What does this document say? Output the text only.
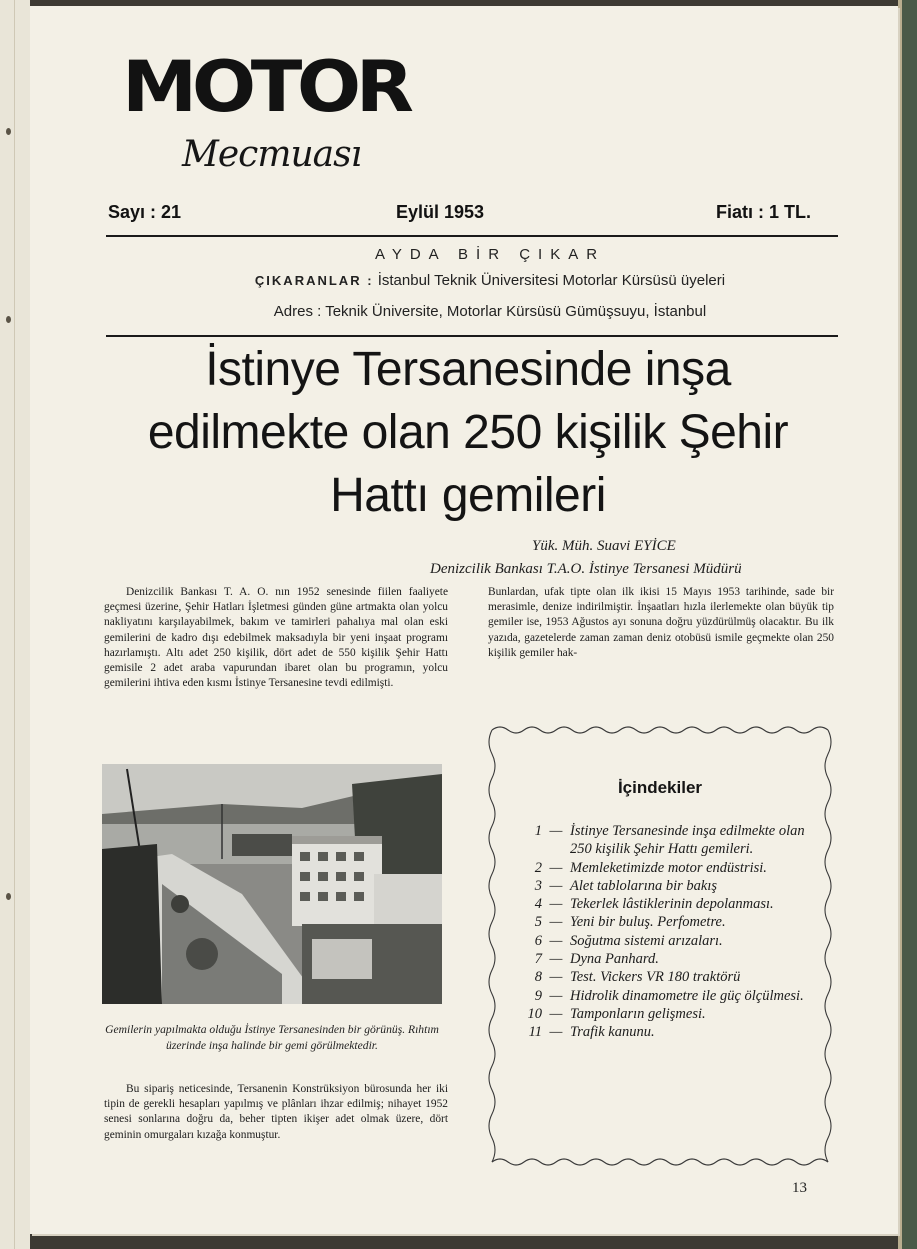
MOTOR
Mecmuası
Sayı : 21	Eylül 1953	Fiatı : 1 TL.
AYDA BİR ÇIKAR
ÇIKARANLAR : İstanbul Teknik Üniversitesi Motorlar Kürsüsü üyeleri
Adres : Teknik Üniversite, Motorlar Kürsüsü Gümüşsuyu, İstanbul
İstinye Tersanesinde inşa edilmekte olan 250 kişilik Şehir Hattı gemileri
Yük. Müh. Suavi EYİCE
Denizcilik Bankası T.A.O. İstinye Tersanesi Müdürü

Denizcilik Bankası T. A. O. nın 1952 senesinde fiilen faaliyete geçmesi üzerine, Şehir Hatları İşletmesi günden güne artmakta olan yolcu nakliyatını karşılayabilmek, bakım ve tamirleri pahalıya mal olan eski gemilerini de kadro dışı edebilmek maksadıyla bir yeni inşaat programı hazırlamıştı. Altı adet 250 kişilik, dört adet de 550 kişilik Şehir Hattı gemisile 2 adet araba vapurundan ibaret olan bu programın, yolcu gemilerini ihtiva eden kısmı İstinye Tersanesine tevdi edilmişti.

Bunlardan, ufak tipte olan ilk ikisi 15 Mayıs 1953 tarihinde, sade bir merasimle, denize indirilmiştir. İnşaatları hızla ilerlemekte olan büyük tip gemiler ise, 1953 Ağustos ayı sonuna doğru yüzdürülmüş olacaktır. Bu ilk yazıda, gazetelerde zaman zaman deniz otobüsü ismile geçmekte olan 250 kişilik gemiler hak-

Gemilerin yapılmakta olduğu İstinye Tersanesinden bir görünüş. Rıhtım üzerinde inşa halinde bir gemi görülmektedir.

Bu sipariş neticesinde, Tersanenin Konstrüksiyon bürosunda her iki tipin de gerekli hesapları yapılmış ve plânları ihzar edilmiş; nihayet 1952 senesi sonlarına doğru da, beher tipten ikişer adet olmak üzere, dört geminin omurgaları kızağa konmuştur.

İçindekiler
1 — İstinye Tersanesinde inşa edilmekte olan 250 kişilik Şehir Hattı gemileri.
2 — Memleketimizde motor endüstrisi.
3 — Alet tablolarına bir bakış
4 — Tekerlek lâstiklerinin depolanması.
5 — Yeni bir buluş. Perfometre.
6 — Soğutma sistemi arızaları.
7 — Dyna Panhard.
8 — Test. Vickers VR 180 traktörü
9 — Hidrolik dinamometre ile güç ölçülmesi.
10 — Tamponların gelişmesi.
11 — Trafik kanunu.
13
